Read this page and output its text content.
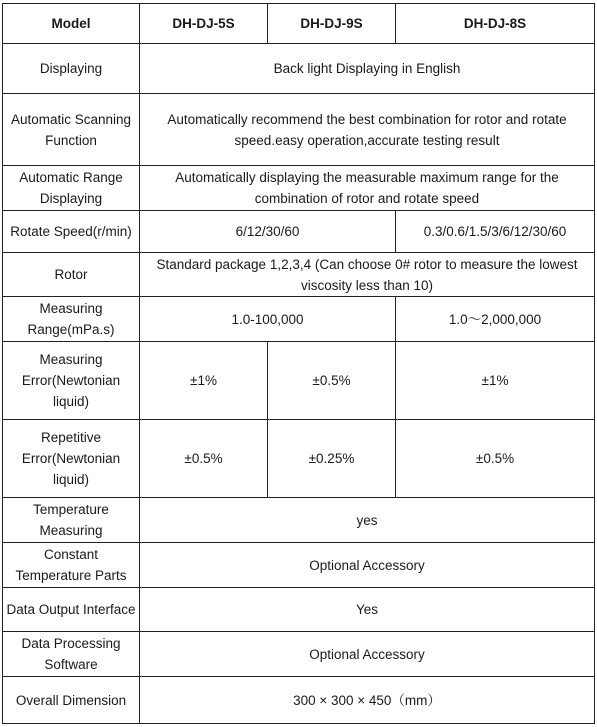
Model	DH-DJ-5S	DH-DJ-9S	DH-DJ-8S
Displaying	Back light Displaying in English		
Automatic Scanning Function	Automatically recommend the best combination for rotor and rotate speed.easy operation,accurate testing result		
Automatic Range Displaying	Automatically displaying the measurable maximum range for the combination of rotor and rotate speed		
Rotate Speed(r/min)	6/12/30/60		0.3/0.6/1.5/3/6/12/30/60
Rotor	Standard package 1,2,3,4 (Can choose 0# rotor to measure the lowest viscosity less than 10)		
Measuring Range(mPa.s)	1.0-100,000		1.0～2,000,000
Measuring Error(Newtonian liquid)	±1%	±0.5%	±1%
Repetitive Error(Newtonian liquid)	±0.5%	±0.25%	±0.5%
Temperature Measuring	yes		
Constant Temperature Parts	Optional Accessory		
Data Output Interface	Yes		
Data Processing Software	Optional Accessory		
Overall Dimension	300 × 300 × 450（mm）		
